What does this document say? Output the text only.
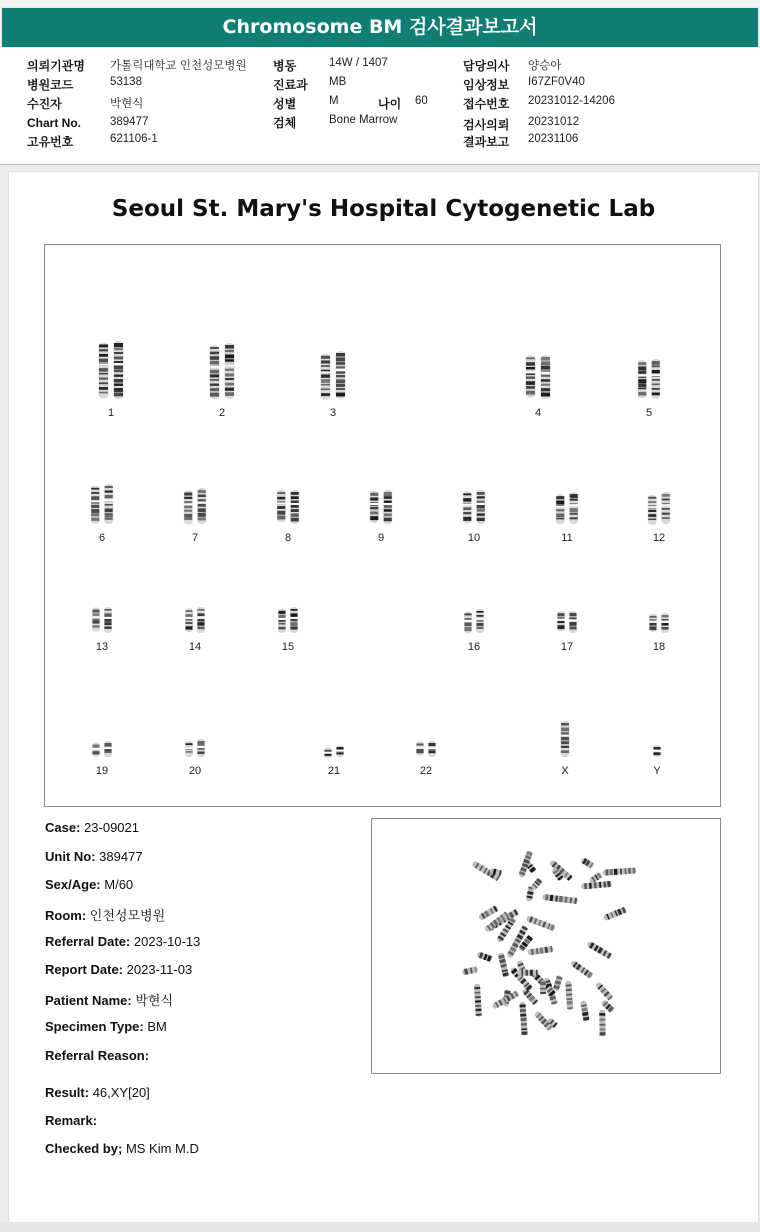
Chromosome BM 검사결과보고서
의뢰기관명 가톨릭대학교 인천성모병원
병원코드	53138
수진자	박현식
Chart No.	389477
고유번호	621106-1
병동	14W / 1407
진료과 MB
성별	M	나이 60
검체	Bone Marrow
담당의사 양승아
임상정보 I67ZF0V40
접수번호 20231012-14206
검사의뢰 20231012
결과보고 20231106
Seoul St. Mary's Hospital Cytogenetic Lab
1	2	3	4	5
6	7	8	9	10	11	12
13	14	15	16	17	18
19	20	21	22	X	Y
Case: 23-09021
Unit No: 389477
Sex/Age: M/60
Room: 인천성모병원
Referral Date: 2023-10-13
Report Date: 2023-11-03
Patient Name: 박현식
Specimen Type: BM
Referral Reason:
Result: 46,XY[20]
Remark:
Checked by; MS Kim M.D
